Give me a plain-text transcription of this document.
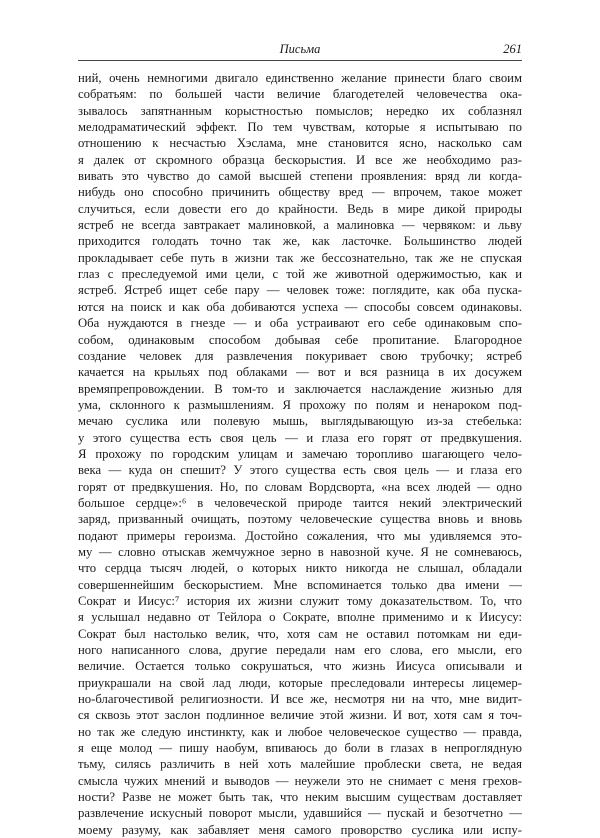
Письма	261
ний, очень немногими двигало единственно желание принести благо своим
собратьям: по большей части величие благодетелей человечества ока-
зывалось запятнанным корыстностью помыслов; нередко их соблазнял
мелодраматический эффект. По тем чувствам, которые я испытываю по
отношению к несчастью Хэслама, мне становится ясно, насколько сам
я далек от скромного образца бескорыстия. И все же необходимо раз-
вивать это чувство до самой высшей степени проявления: вряд ли когда-
нибудь оно способно причинить обществу вред — впрочем, такое может
случиться, если довести его до крайности. Ведь в мире дикой природы
ястреб не всегда завтракает малиновкой, а малиновка — червяком: и льву
приходится голодать точно так же, как ласточке. Большинство людей
прокладывает себе путь в жизни так же бессознательно, так же не спуская
глаз с преследуемой ими цели, с той же животной одержимостью, как и
ястреб. Ястреб ищет себе пару — человек тоже: поглядите, как оба пуска-
ются на поиск и как оба добиваются успеха — способы совсем одинаковы.
Оба нуждаются в гнезде — и оба устраивают его себе одинаковым спо-
собом, одинаковым способом добывая себе пропитание. Благородное
создание человек для развлечения покуривает свою трубочку; ястреб
качается на крыльях под облаками — вот и вся разница в их досужем
времяпрепровождении. В том-то и заключается наслаждение жизнью для
ума, склонного к размышлениям. Я прохожу по полям и ненароком под-
мечаю суслика или полевую мышь, выглядывающую из-за стебелька:
у этого существа есть своя цель — и глаза его горят от предвкушения.
Я прохожу по городским улицам и замечаю торопливо шагающего чело-
века — куда он спешит? У этого существа есть своя цель — и глаза его
горят от предвкушения. Но, по словам Вордсворта, «на всех людей — одно
большое сердце»:⁶ в человеческой природе таится некий электрический
заряд, призванный очищать, поэтому человеческие существа вновь и вновь
подают примеры героизма. Достойно сожаления, что мы удивляемся это-
му — словно отыскав жемчужное зерно в навозной куче. Я не сомневаюсь,
что сердца тысяч людей, о которых никто никогда не слышал, обладали
совершеннейшим бескорыстием. Мне вспоминается только два имени —
Сократ и Иисус:⁷ история их жизни служит тому доказательством. То, что
я услышал недавно от Тейлора о Сократе, вполне применимо и к Иисусу:
Сократ был настолько велик, что, хотя сам не оставил потомкам ни еди-
ного написанного слова, другие передали нам его слова, его мысли, его
величие. Остается только сокрушаться, что жизнь Иисуса описывали и
приукрашали на свой лад люди, которые преследовали интересы лицемер-
но-благочестивой религиозности. И все же, несмотря ни на что, мне видит-
ся сквозь этот заслон подлинное величие этой жизни. И вот, хотя сам я точ-
но так же следую инстинкту, как и любое человеческое существо — правда,
я еще молод — пишу наобум, впиваюсь до боли в глазах в непроглядную
тьму, силясь различить в ней хоть малейшие проблески света, не ведая
смысла чужих мнений и выводов — неужели это не снимает с меня грехов-
ности? Разве не может быть так, что неким высшим существам доставляет
развлечение искусный поворот мысли, удавшийся — пускай и безотчетно —
моему разуму, как забавляет меня самого проворство суслика или испу-
